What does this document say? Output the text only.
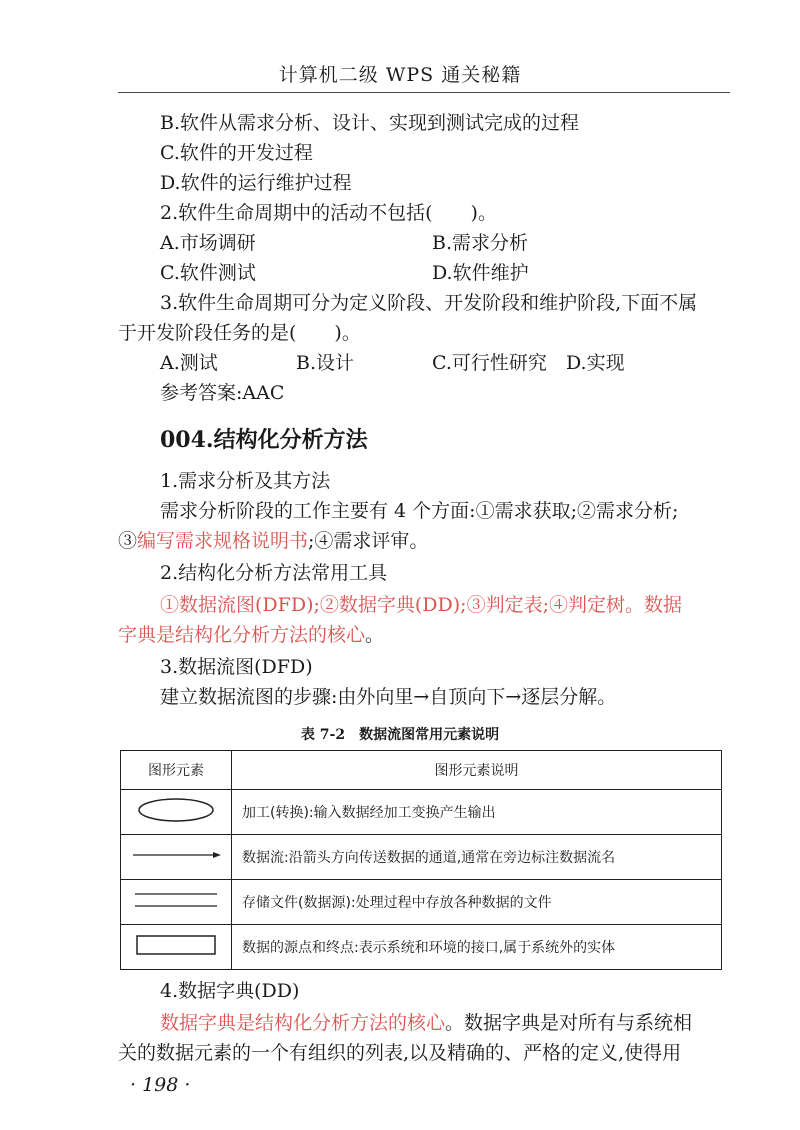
计算机二级 WPS 通关秘籍
B.软件从需求分析、设计、实现到测试完成的过程
C.软件的开发过程
D.软件的运行维护过程
2.软件生命周期中的活动不包括(　　)。
A.市场调研	B.需求分析
C.软件测试	D.软件维护
3.软件生命周期可分为定义阶段、开发阶段和维护阶段,下面不属
于开发阶段任务的是(　　)。
A.测试	B.设计	C.可行性研究 D.实现
参考答案:AAC
004.结构化分析方法
1.需求分析及其方法
需求分析阶段的工作主要有 4 个方面:①需求获取;②需求分析;
③编写需求规格说明书;④需求评审。
2.结构化分析方法常用工具
①数据流图(DFD);②数据字典(DD);③判定表;④判定树。数据
字典是结构化分析方法的核心。
3.数据流图(DFD)
建立数据流图的步骤:由外向里→自顶向下→逐层分解。
表 7-2　数据流图常用元素说明
图形元素	图形元素说明
	加工(转换):输入数据经加工变换产生输出
	数据流:沿箭头方向传送数据的通道,通常在旁边标注数据流名
	存储文件(数据源):处理过程中存放各种数据的文件
	数据的源点和终点:表示系统和环境的接口,属于系统外的实体
4.数据字典(DD)
数据字典是结构化分析方法的核心。数据字典是对所有与系统相
关的数据元素的一个有组织的列表,以及精确的、严格的定义,使得用
· 198 ·
